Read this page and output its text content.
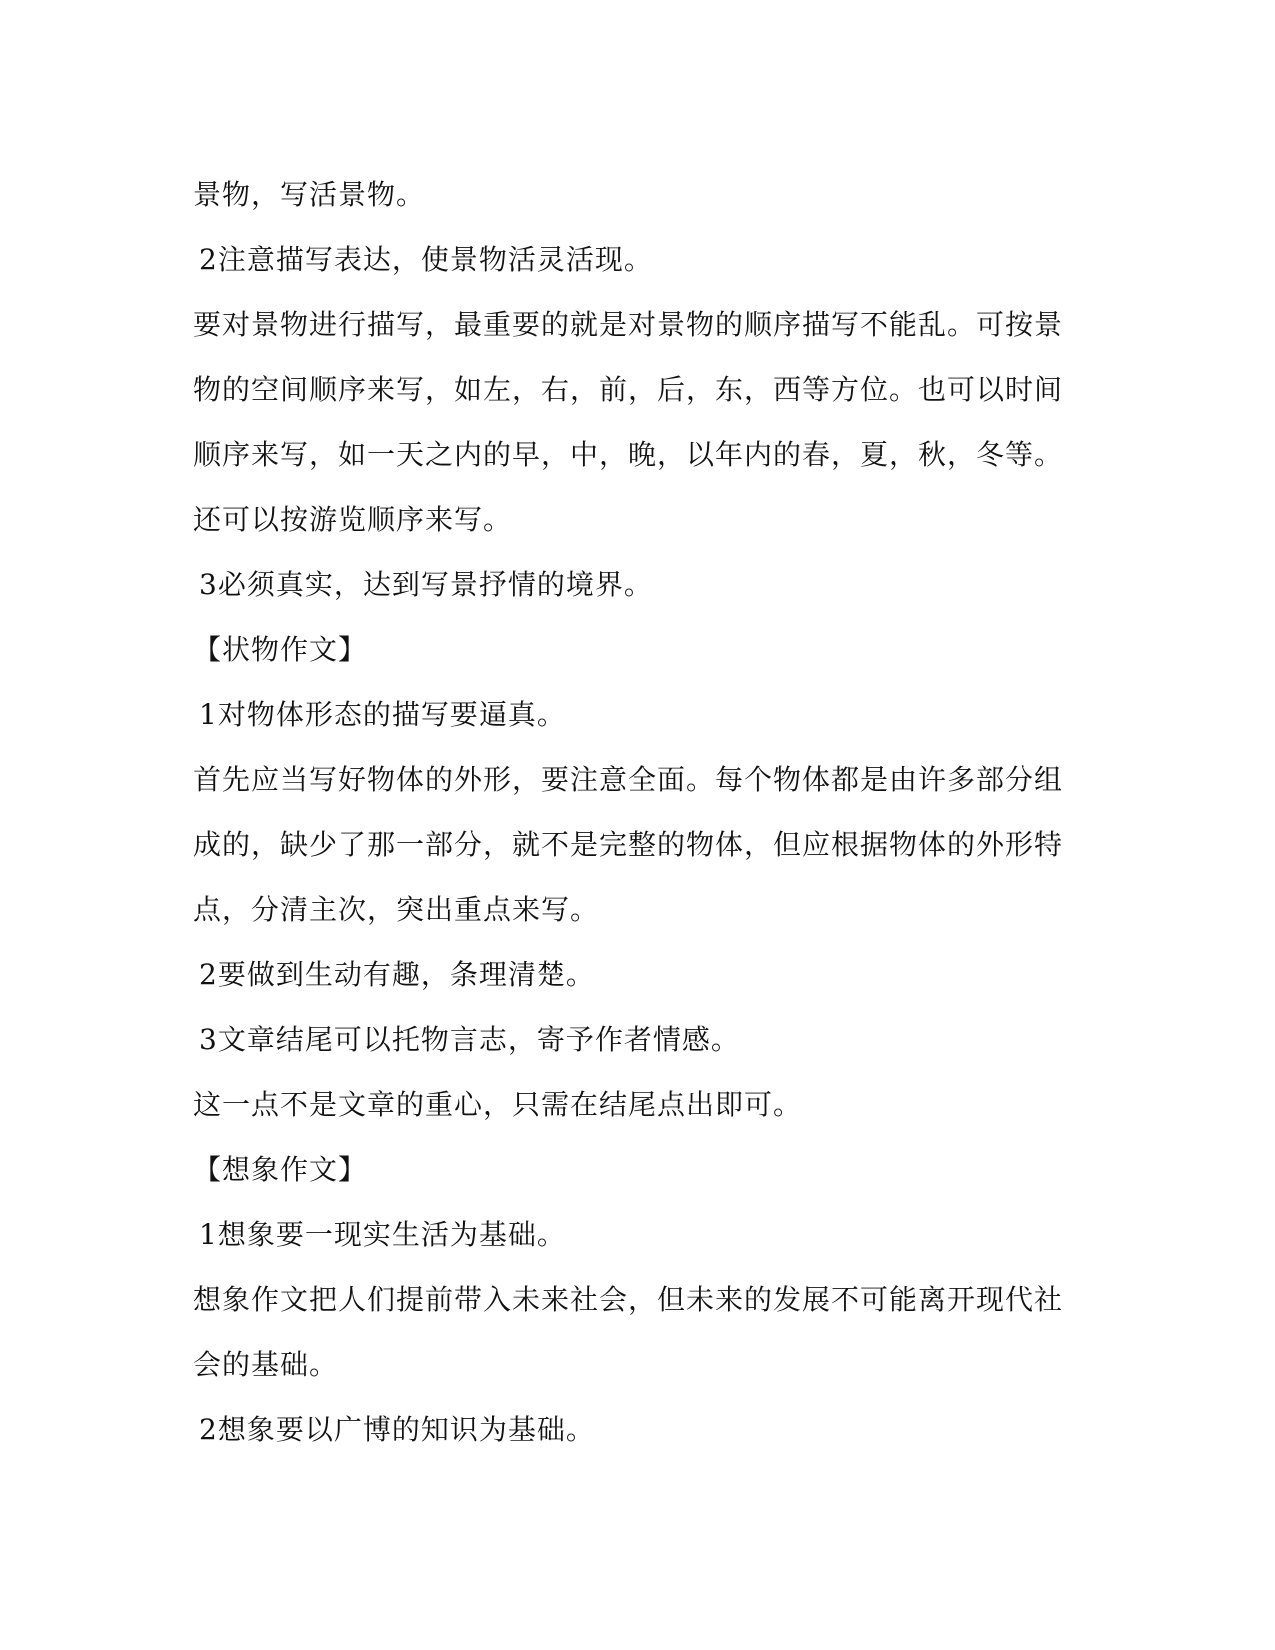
景物，写活景物。
2注意描写表达，使景物活灵活现。
要对景物进行描写，最重要的就是对景物的顺序描写不能乱。可按景
物的空间顺序来写，如左，右，前，后，东，西等方位。也可以时间
顺序来写，如一天之内的早，中，晚，以年内的春，夏，秋，冬等。
还可以按游览顺序来写。
3必须真实，达到写景抒情的境界。
【状物作文】
1对物体形态的描写要逼真。
首先应当写好物体的外形，要注意全面。每个物体都是由许多部分组
成的，缺少了那一部分，就不是完整的物体，但应根据物体的外形特
点，分清主次，突出重点来写。
2要做到生动有趣，条理清楚。
3文章结尾可以托物言志，寄予作者情感。
这一点不是文章的重心，只需在结尾点出即可。
【想象作文】
1想象要一现实生活为基础。
想象作文把人们提前带入未来社会，但未来的发展不可能离开现代社
会的基础。
2想象要以广博的知识为基础。
